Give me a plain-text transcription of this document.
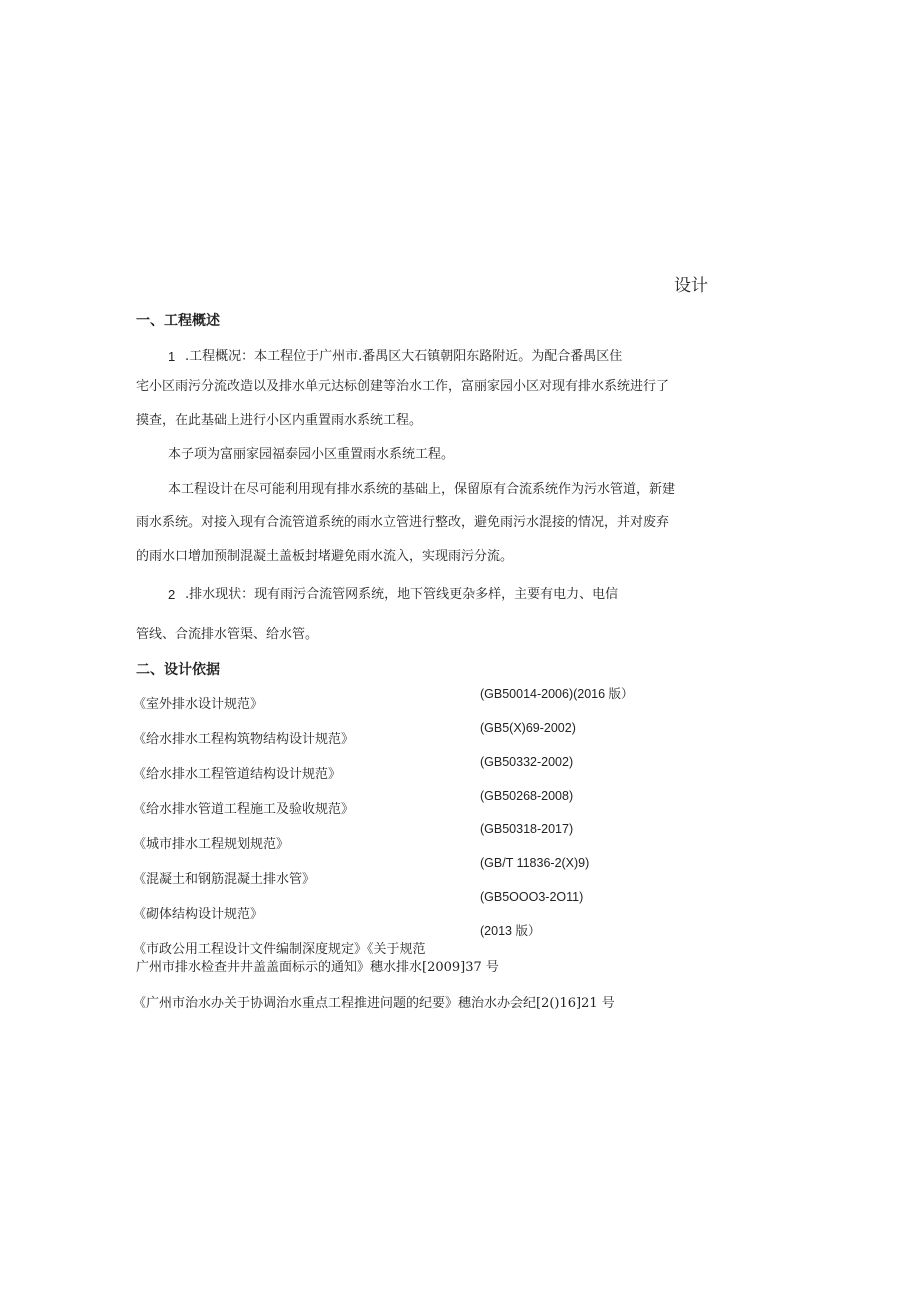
设计
一、工程概述
1 .工程概况：本工程位于广州市.番禺区大石镇朝阳东路附近。为配合番禺区住
宅小区雨污分流改造以及排水单元达标创建等治水工作，富丽家园小区对现有排水系统进行了
摸查，在此基础上进行小区内重置雨水系统工程。
本子项为富丽家园福泰园小区重置雨水系统工程。
本工程设计在尽可能利用现有排水系统的基础上，保留原有合流系统作为污水管道，新建
雨水系统。对接入现有合流管道系统的雨水立管进行整改，避免雨污水混接的情况，并对废弃
的雨水口增加预制混凝土盖板封堵避免雨水流入，实现雨污分流。
2 .排水现状：现有雨污合流管网系统，地下管线更杂多样，主要有电力、电信
管线、合流排水管渠、给水管。
二、设计依据
《室外排水设计规范》
(GB50014-2006)(2016 版）
《给水排水工程构筑物结构设计规范》
(GB5(X)69-2002)
《给水排水工程管道结构设计规范》
(GB50332-2002)
《给水排水管道工程施工及验收规范》
(GB50268-2008)
《城市排水工程规划规范》
(GB50318-2017)
《混凝土和钢筋混凝土排水管》
(GB/T 11836-2(X)9)
《砌体结构设计规范》
(GB5OOO3-2O11)
(2013 版）
《市政公用工程设计文件编制深度规定》《关于规范
广州市排水检查井井盖盖面标示的通知》穗水排水[2009]37 号
《广州市治水办关于协调治水重点工程推进问题的纪要》穗治水办会纪[2()16]21 号
